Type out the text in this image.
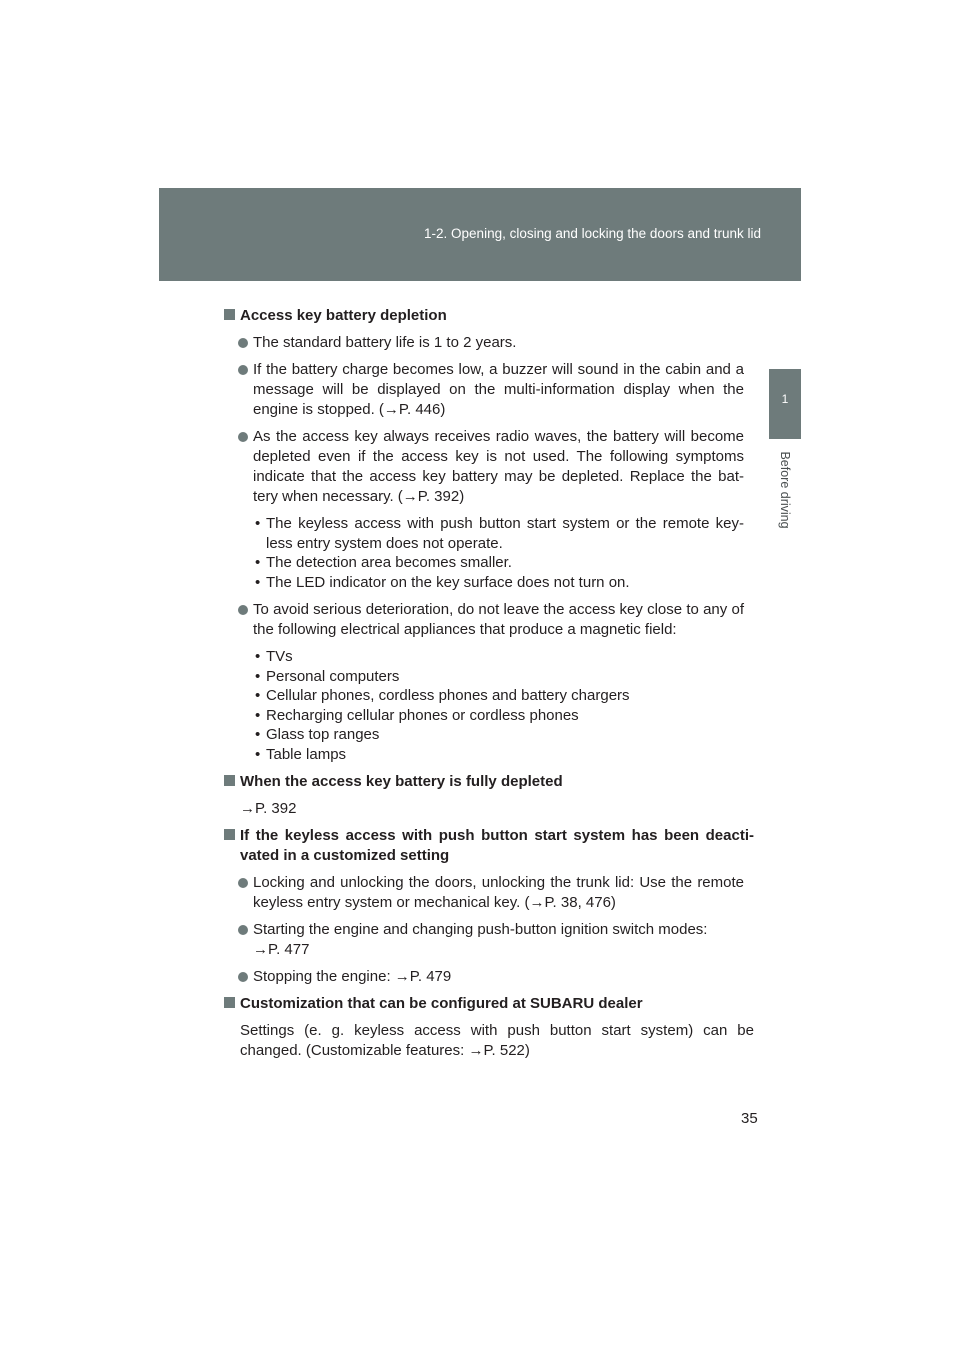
1-2. Opening, closing and locking the doors and trunk lid
1
Before driving
Access key battery depletion
The standard battery life is 1 to 2 years.
If the battery charge becomes low, a buzzer will sound in the cabin and a message will be displayed on the multi-information display when the engine is stopped. (→P. 446)
As the access key always receives radio waves, the battery will become depleted even if the access key is not used. The following symptoms indicate that the access key battery may be depleted. Replace the bat-tery when necessary. (→P. 392)
• The keyless access with push button start system or the remote key-less entry system does not operate.
• The detection area becomes smaller.
• The LED indicator on the key surface does not turn on.
To avoid serious deterioration, do not leave the access key close to any of the following electrical appliances that produce a magnetic field:
• TVs
• Personal computers
• Cellular phones, cordless phones and battery chargers
• Recharging cellular phones or cordless phones
• Glass top ranges
• Table lamps
When the access key battery is fully depleted
→P. 392
If the keyless access with push button start system has been deacti-vated in a customized setting
Locking and unlocking the doors, unlocking the trunk lid: Use the remote keyless entry system or mechanical key. (→P. 38, 476)
Starting the engine and changing push-button ignition switch modes:
→P. 477
Stopping the engine: →P. 479
Customization that can be configured at SUBARU dealer
Settings (e. g. keyless access with push button start system) can be changed. (Customizable features: →P. 522)
35
